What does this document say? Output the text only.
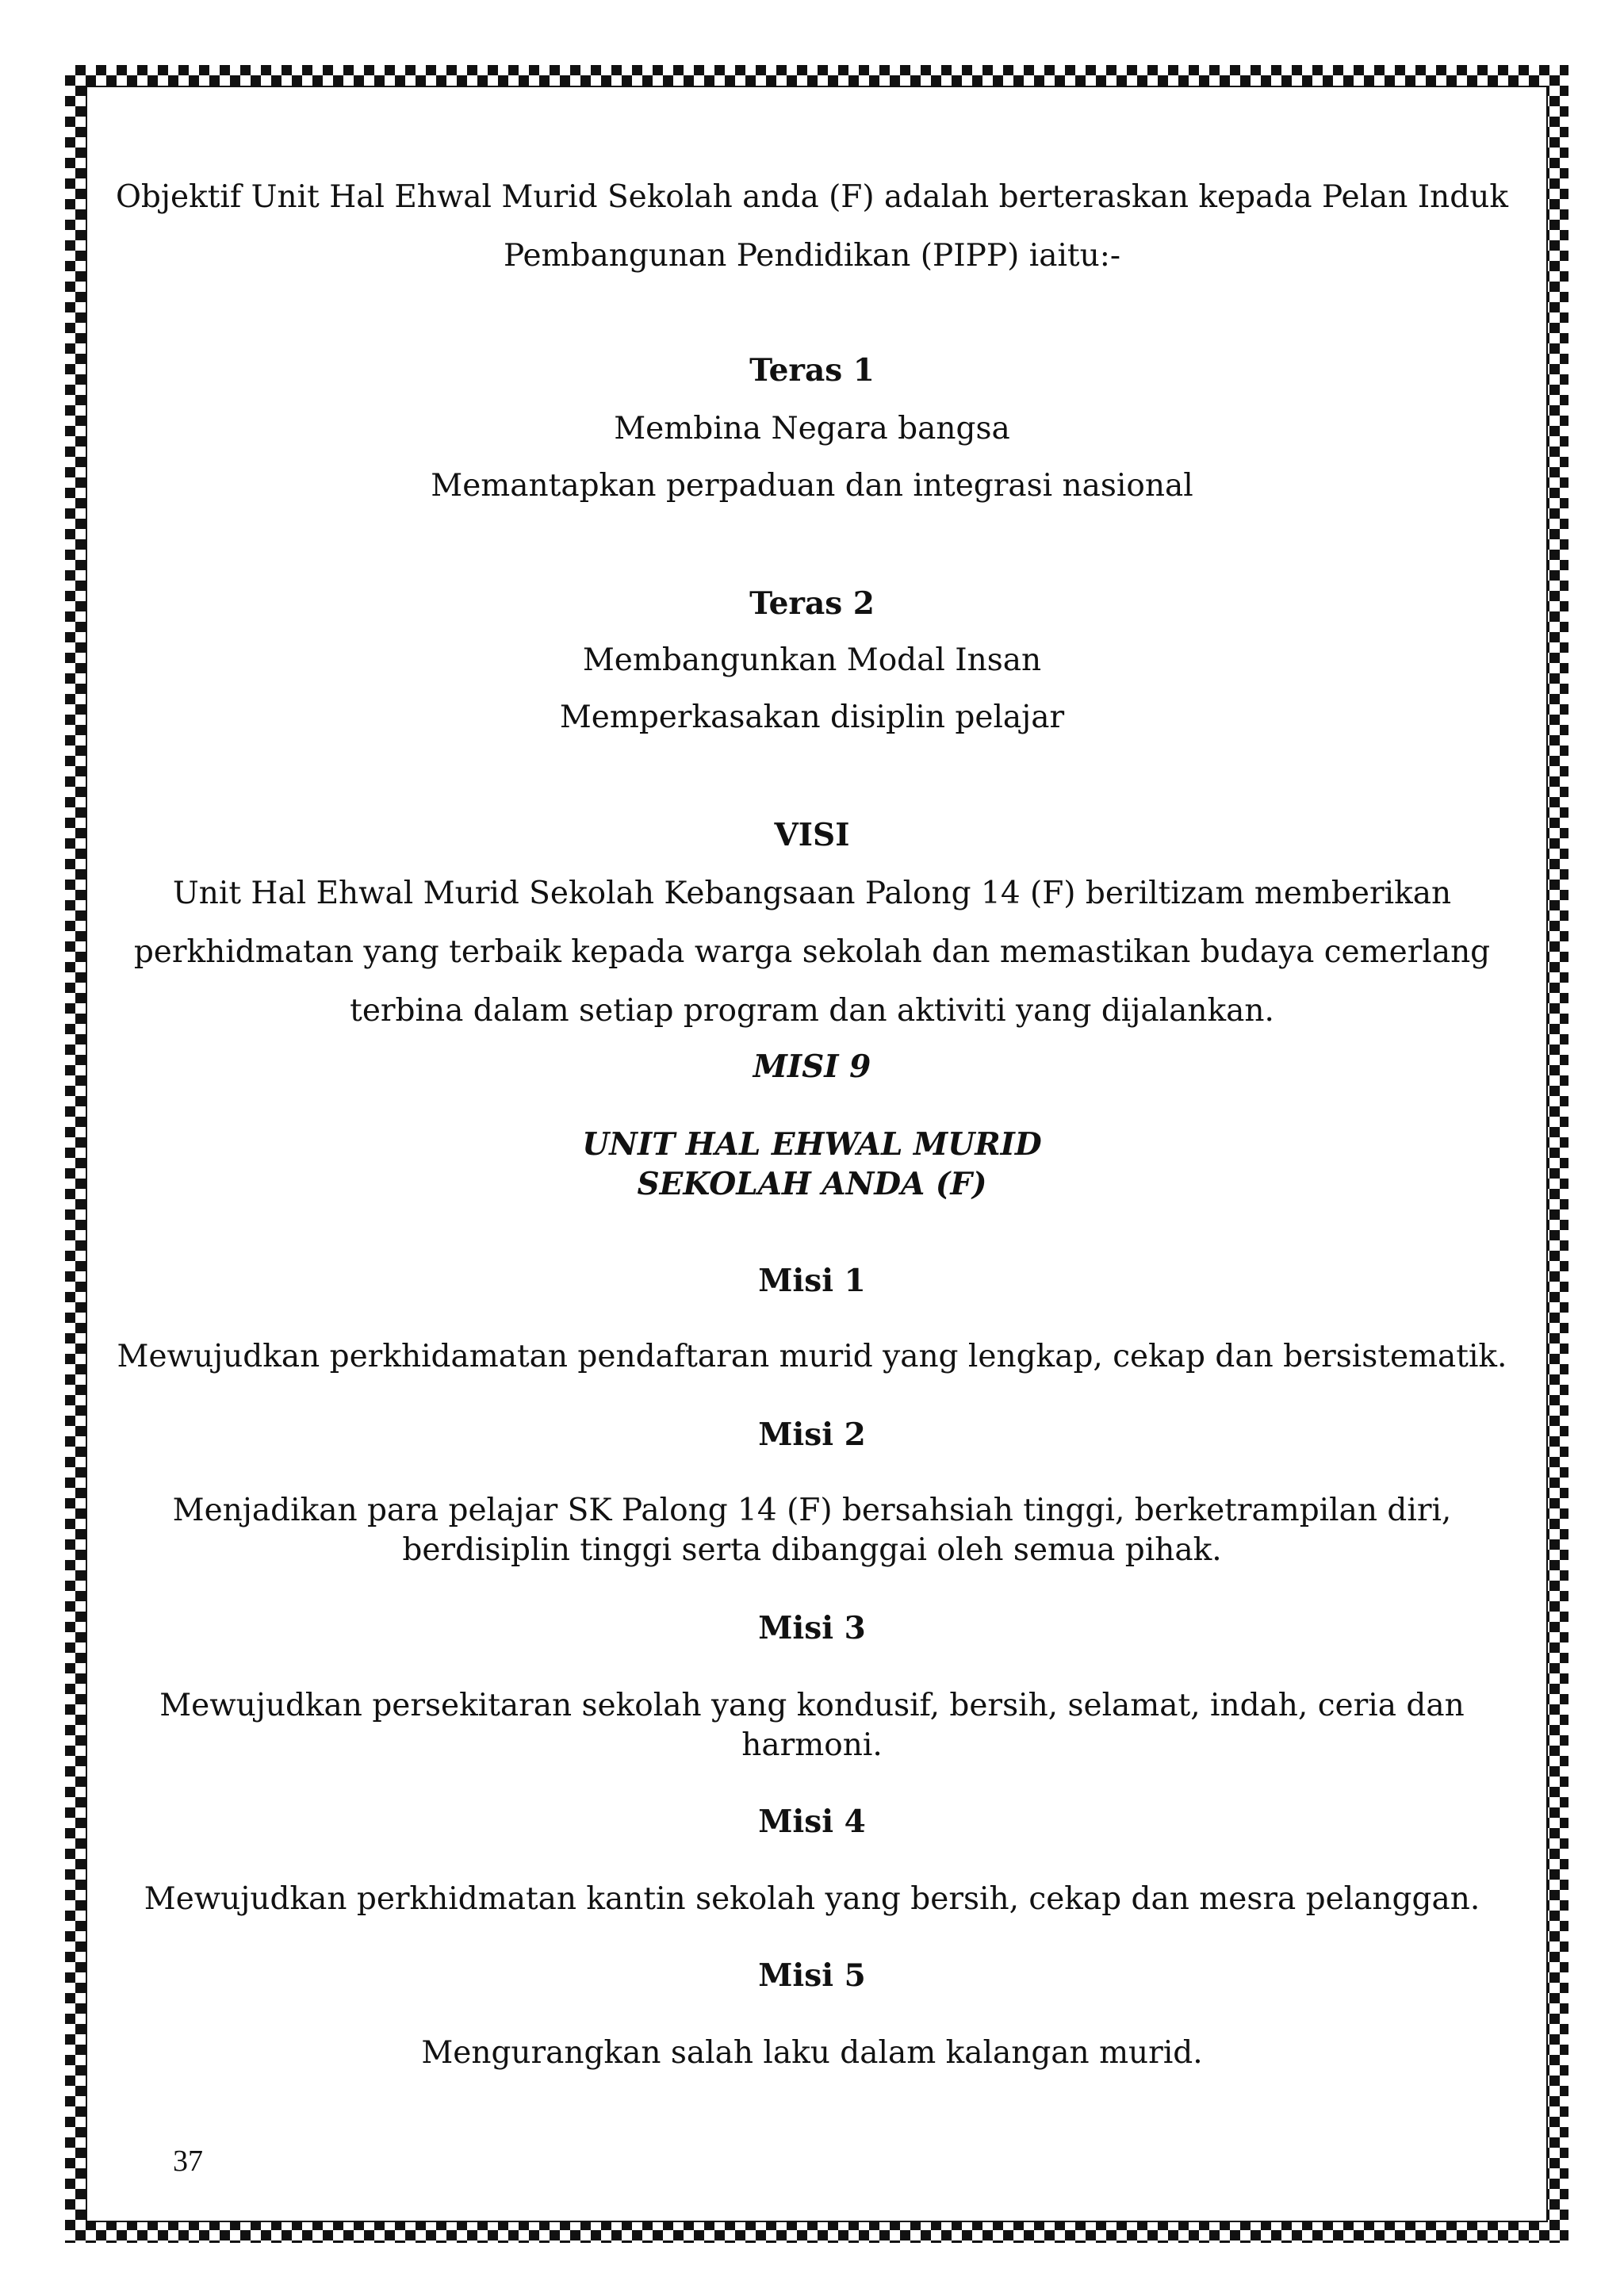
Objektif Unit Hal Ehwal Murid Sekolah anda (F) adalah berteraskan kepada Pelan Induk
Pembangunan Pendidikan (PIPP) iaitu:-
Teras 1
Membina Negara bangsa
Memantapkan perpaduan dan integrasi nasional
Teras 2
Membangunkan Modal Insan
Memperkasakan disiplin pelajar
VISI
Unit Hal Ehwal Murid Sekolah Kebangsaan Palong 14 (F) beriltizam memberikan
perkhidmatan yang terbaik kepada warga sekolah dan memastikan budaya cemerlang
terbina dalam setiap program dan aktiviti yang dijalankan.
MISI 9
UNIT HAL EHWAL MURID
SEKOLAH ANDA (F)
Misi 1
Mewujudkan perkhidamatan pendaftaran murid yang lengkap, cekap dan bersistematik.
Misi 2
Menjadikan para pelajar SK Palong 14 (F) bersahsiah tinggi, berketrampilan diri,
berdisiplin tinggi serta dibanggai oleh semua pihak.
Misi 3
Mewujudkan persekitaran sekolah yang kondusif, bersih, selamat, indah, ceria dan
harmoni.
Misi 4
Mewujudkan perkhidmatan kantin sekolah yang bersih, cekap dan mesra pelanggan.
Misi 5
Mengurangkan salah laku dalam kalangan murid.
37
